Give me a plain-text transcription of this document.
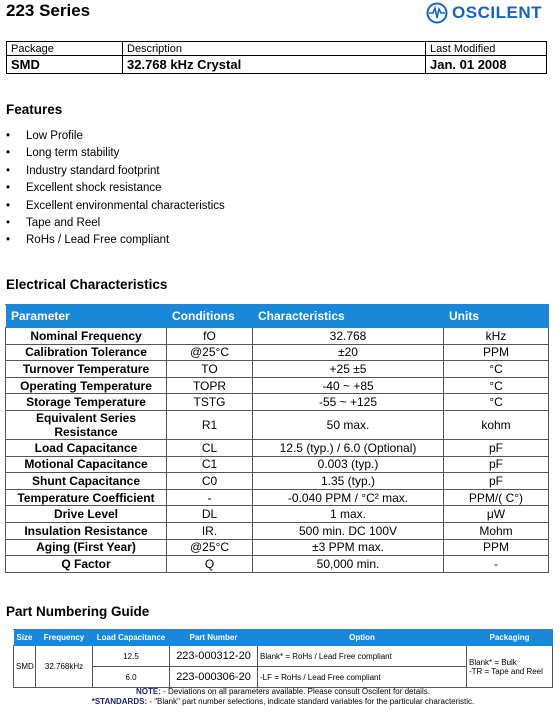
223 Series	OSCILENT
Package	Description	Last Modified
SMD	32.768 kHz Crystal	Jan. 01 2008
Features
• Low Profile
• Long term stability
• Industry standard footprint
• Excellent shock resistance
• Excellent environmental characteristics
• Tape and Reel
• RoHs / Lead Free compliant
Electrical Characteristics
Parameter	Conditions	Characteristics	Units
Nominal Frequency	fO	32.768	kHz
Calibration Tolerance	@25°C	±20	PPM
Turnover Temperature	TO	+25 ±5	°C
Operating Temperature	TOPR	-40 ~ +85	°C
Storage Temperature	TSTG	-55 ~ +125	°C
Equivalent Series Resistance	R1	50 max.	kohm
Load Capacitance	CL	12.5 (typ.) / 6.0 (Optional)	pF
Motional Capacitance	C1	0.003 (typ.)	pF
Shunt Capacitance	C0	1.35 (typ.)	pF
Temperature Coefficient	-	-0.040 PPM / °C² max.	PPM/( C°)
Drive Level	DL	1 max.	μW
Insulation Resistance	IR.	500 min. DC 100V	Mohm
Aging (First Year)	@25°C	±3 PPM max.	PPM
Q Factor	Q	50,000 min.	-
Part Numbering Guide
Size	Frequency	Load Capacitance	Part Number	Option	Packaging
SMD	32.768kHz	12.5	223-000312-20	Blank* = RoHs / Lead Free compliant	Blank* = Bulk
-TR = Tape and Reel

		6.0	223-000306-20	-LF = RoHs / Lead Free compliant	
NOTE: - Deviations on all parameters available. Please consult Oscilent for details.
*STANDARDS: - "Blank" part number selections, indicate standard variables for the particular characteristic.
